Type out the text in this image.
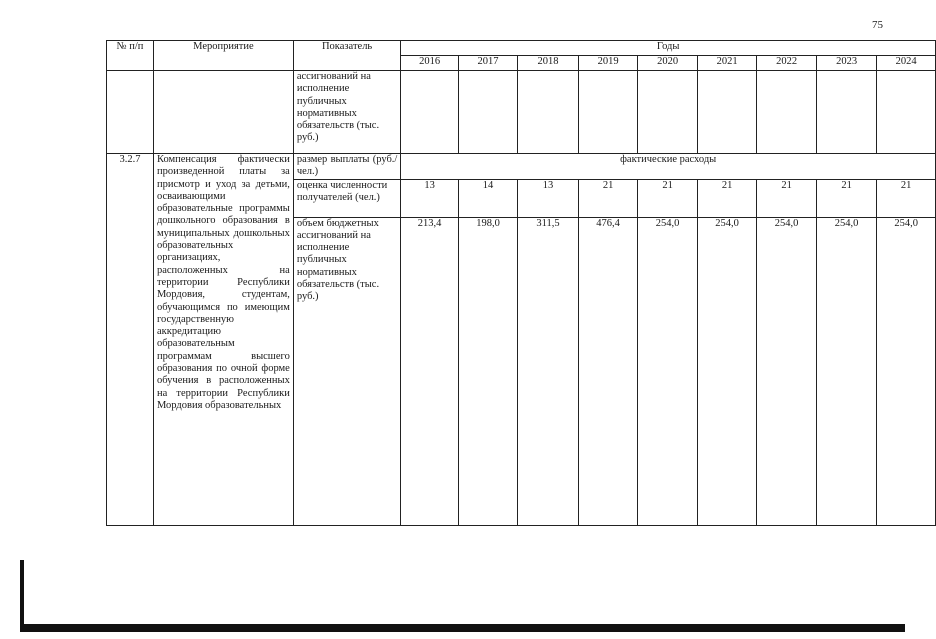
75
№ п/п	Мероприятие	Показатель	Годы								
			2016	2017	2018	2019	2020	2021	2022	2023	2024
		ассигнований на исполнение публичных нормативных обязательств (тыс. руб.)									
3.2.7	Компенсация фактически произведенной платы за присмотр и уход за детьми, осваивающими образовательные программы дошкольного образования в муниципальных дошкольных образовательных организациях, расположенных на территории Республики Мордовия, студентам, обучающимся по имеющим государственную аккредитацию образовательным программам высшего образования по очной форме обучения в расположенных на территории Республики Мордовия образовательных	размер выплаты (руб./ чел.)	фактические расходы								
		оценка численности получателей (чел.)	13	14	13	21	21	21	21	21	21
		объем бюджетных ассигнований на исполнение публичных нормативных обязательств (тыс. руб.)	213,4	198,0	311,5	476,4	254,0	254,0	254,0	254,0	254,0
